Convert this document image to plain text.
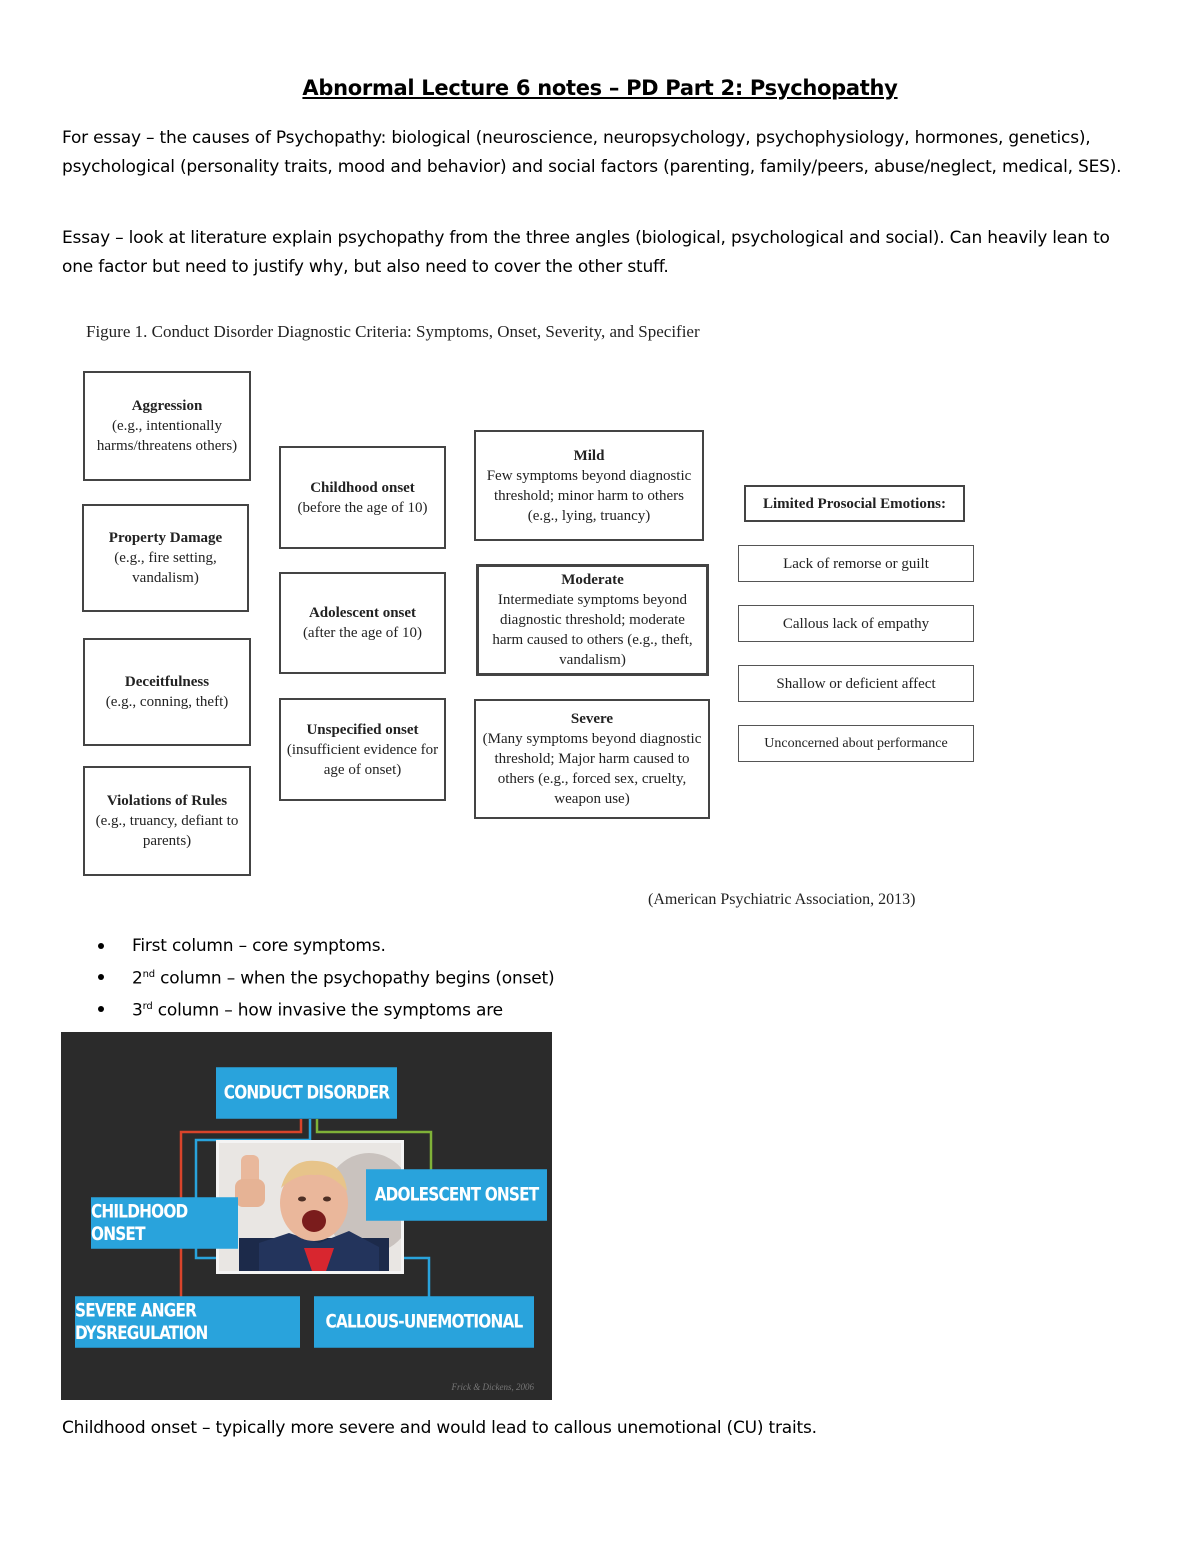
Abnormal Lecture 6 notes – PD Part 2: Psychopathy
For essay – the causes of Psychopathy: biological (neuroscience, neuropsychology, psychophysiology, hormones, genetics), psychological (personality traits, mood and behavior) and social factors (parenting, family/peers, abuse/neglect, medical, SES).
Essay – look at literature explain psychopathy from the three angles (biological, psychological and social). Can heavily lean to one factor but need to justify why, but also need to cover the other stuff.
Figure 1. Conduct Disorder Diagnostic Criteria: Symptoms, Onset, Severity, and Specifier
Aggression
(e.g., intentionally harms/threatens others)
Property Damage
(e.g., fire setting, vandalism)
Deceitfulness
(e.g., conning, theft)
Violations of Rules
(e.g., truancy, defiant to parents)
Childhood onset
(before the age of 10)
Adolescent onset
(after the age of 10)
Unspecified onset
(insufficient evidence for age of onset)
Mild
Few symptoms beyond diagnostic threshold; minor harm to others (e.g., lying, truancy)
Moderate
Intermediate symptoms beyond diagnostic threshold; moderate harm caused to others (e.g., theft, vandalism)
Severe
(Many symptoms beyond diagnostic threshold; Major harm caused to others (e.g., forced sex, cruelty, weapon use)
Limited Prosocial Emotions:
Lack of remorse or guilt
Callous lack of empathy
Shallow or deficient affect
Unconcerned about performance
(American Psychiatric Association, 2013)
First column – core symptoms.
2nd column – when the psychopathy begins (onset)
3rd column – how invasive the symptoms are
CONDUCT DISORDER
CHILDHOOD ONSET
ADOLESCENT ONSET
SEVERE ANGER DYSREGULATION	CALLOUS-UNEMOTIONAL
Frick & Dickens, 2006
Childhood onset – typically more severe and would lead to callous unemotional (CU) traits.
